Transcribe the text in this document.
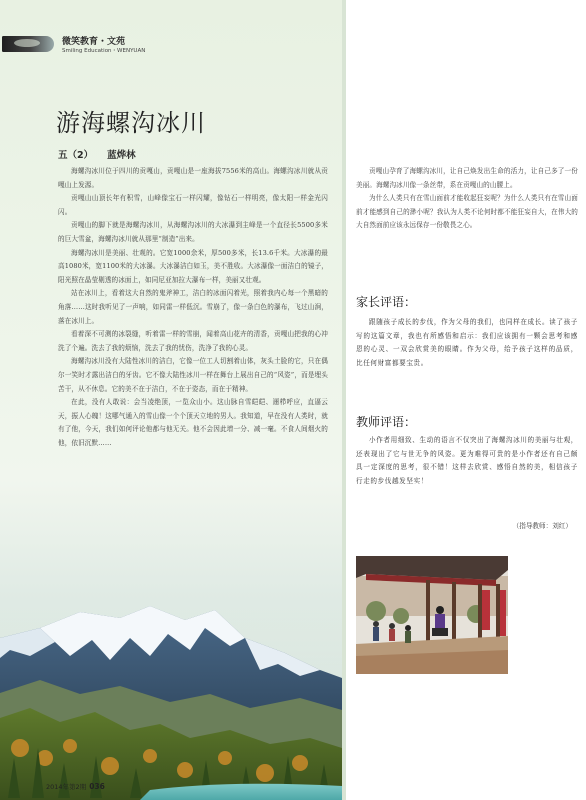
微笑教育・文苑
Smiling Education・WENYUAN
游海螺沟冰川
五（2） 蓝烨林

海螺沟冰川位于四川的贡嘎山，贡嘎山是一座海拔7556米的高山。海螺沟冰川就从贡嘎山上发源。

贡嘎山山顶长年有积雪，山峰像宝石一样闪耀，像钻石一样明亮，像太阳一样金光闪闪。

贡嘎山的脚下就是海螺沟冰川，从海螺沟冰川的大冰瀑到主峰是一个直径长5500多米的巨大雪盆，海螺沟冰川就从那里“制造”出来。

海螺沟冰川是美丽、壮观的。它宽1000余米，厚500多米，长13.6千米。大冰瀑的最高1080米，宽1100米的大冰瀑。大冰瀑洁白如玉，美不胜收。大冰瀑像一面洁白的镜子，阳光照在晶莹剔透的冰面上，如同尼亚加拉大瀑布一样，美丽又壮观。

站在冰川上，看着这大自然的鬼斧神工，洁白的冰面闪着光，照着我内心每一个黑暗的角落……这时我听见了一声响，如同雷一样低沉。雪崩了，像一条白色的瀑布，飞过山涧，落在冰川上。

看着深不可测的冰裂缝，听着雷一样的雪崩，闻着高山花卉的清香，贡嘎山把我的心冲洗了个遍。洗去了我的烦恼，洗去了我的忧伤，洗净了我的心灵。

海螺沟冰川没有大陆性冰川的洁白，它像一位工人切割着山体，灰头土脸的它，只在偶尔一笑时才露出洁白的牙齿。它不像大陆性冰川一样在舞台上展出自己的“风姿”，而是埋头苦干，从不休息。它的美不在于洁白，不在于姿态，而在于精神。

在此，没有人敢说：会当凌绝顶，一览众山小。这山脉自雪皑皑、逦栉呼应，直逼云天，振人心魄！这哪气通入的雪山像一个个顶天立地的男人。我知道，早在没有人类时，就有了他，今天，我们如何评论他都与他无关。他不会因此增一分、减一毫。不食人间烟火的他，依旧沉默……

2014年第2期 036

贡嘎山孕育了海螺沟冰川，让自己焕发出生命的活力，让自己多了一份美丽。海螺沟冰川像一条丝带，系在贡嘎山的山腰上。

为什么人类只有在雪山面前才能收起狂妄呢？为什么人类只有在雪山面前才能感到自己的渺小呢？我认为人类不论何时都不能狂妄自大，在伟大的大自然面前应该永远保存一份敬畏之心。

家长评语：

跟随孩子成长的步伐，作为父母的我们，也同样在成长。读了孩子写的这篇文章，我也有所感悟和启示：我们应该拥有一颗会思考和感恩的心灵、一双会欣赏美的眼睛。作为父母，给予孩子这样的品质，比任何财富都要宝贵。

教师评语：

小作者用细致、生动的语言不仅突出了海螺沟冰川的美丽与壮观，还表现出了它与世无争的风姿。更为难得可贵的是小作者还有自己颇具一定深度的思考，很不错！这样去欣赏、感悟自然的美，相信孩子行走的步伐越发坚实！

（指导教师：刘红）
